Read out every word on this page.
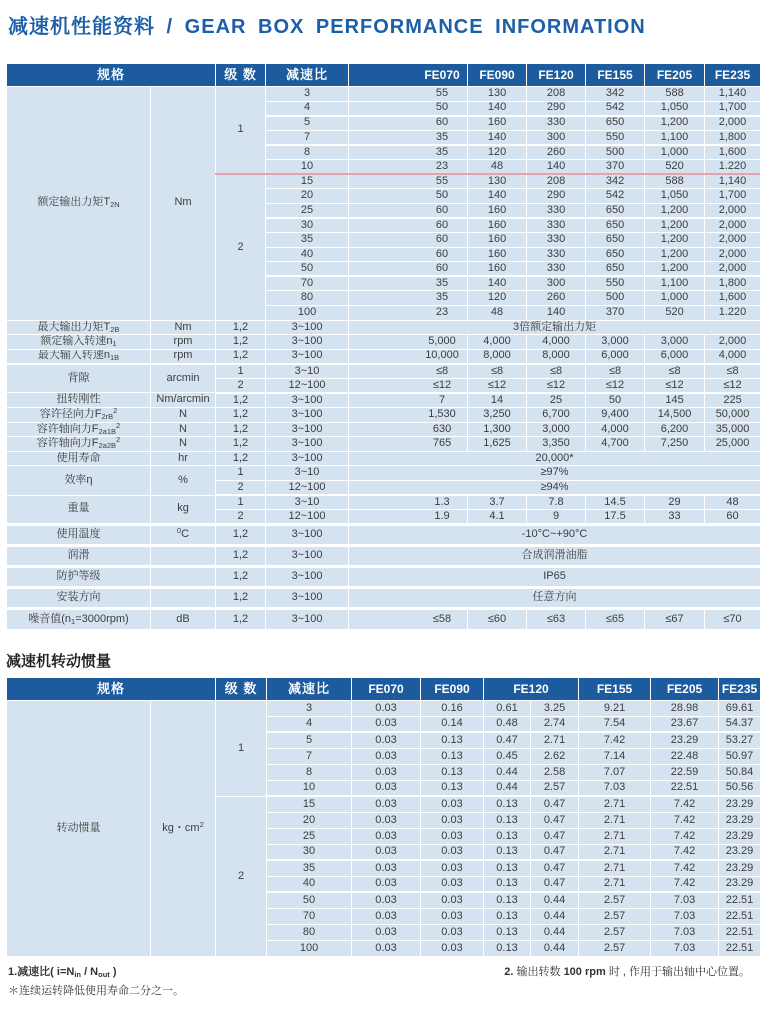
减速机性能资料 / GEAR BOX PERFORMANCE INFORMATION
规格		级 数	减速比	FE070	FE090	FE120	FE155	FE205	FE235
额定输出力矩$T_{2N}$	Nm	1	3	55	130	208	342	588	1,140
			4	50	140	290	542	1,050	1,700
			5	60	160	330	650	1,200	2,000
			7	35	140	300	550	1,100	1,800
			8	35	120	260	500	1,000	1,600
			10	23	48	140	370	520	1.220
		2	15	55	130	208	342	588	1,140
			20	50	140	290	542	1,050	1,700
			25	60	160	330	650	1,200	2,000
			30	60	160	330	650	1,200	2,000
			35	60	160	330	650	1,200	2,000
			40	60	160	330	650	1,200	2,000
			50	60	160	330	650	1,200	2,000
			70	35	140	300	550	1,100	1,800
			80	35	120	260	500	1,000	1,600
			100	23	48	140	370	520	1.220
最大输出力矩$T_{2B}$	Nm	1,2	3~100	3倍额定输出力矩					
额定输入转速$n_1$	rpm	1,2	3~100	5,000	4,000	4,000	3,000	3,000	2,000
最大输入转速$n_{1B}$	rpm	1,2	3~100	10,000	8,000	8,000	6,000	6,000	4,000
背隙	arcmin	1	3~10	≤8	≤8	≤8	≤8	≤8	≤8
		2	12~100	≤12	≤12	≤12	≤12	≤12	≤12
扭转刚性	Nm/arcmin	1,2	3~100	7	14	25	50	145	225
容许径向力$F_{2rB}^2$	N	1,2	3~100	1,530	3,250	6,700	9,400	14,500	50,000
容许轴向力$F_{2a1B}^2$	N	1,2	3~100	630	1,300	3,000	4,000	6,200	35,000
容许轴向力$F_{2a2B}^2$	N	1,2	3~100	765	1,625	3,350	4,700	7,250	25,000
使用寿命	hr	1,2	3~100	20,000*					
效率η	%	1	3~10	≥97%					
		2	12~100	≥94%					
重量	kg	1	3~10	1.3	3.7	7.8	14.5	29	48
		2	12~100	1.9	4.1	9	17.5	33	60
使用温度	$^0$C	1,2	3~100	-10°C~+90°C					
润滑		1,2	3~100	合成润滑油脂					
防护等级		1,2	3~100	IP65					
安装方向		1,2	3~100	任意方向					
噪音值$(n_1=3000rpm)$	dB	1,2	3~100	≤58	≤60	≤63	≤65	≤67	≤70
减速机转动惯量
规格		级 数	减速比	FE070	FE090	FE120		FE155	FE205	FE235
转动惯量	kg・$cm^2$	1	3	0.03	0.16	0.61	3.25	9.21	28.98	69.61
			4	0.03	0.14	0.48	2.74	7.54	23.67	54.37
			5	0.03	0.13	0.47	2.71	7.42	23.29	53.27
			7	0.03	0.13	0.45	2.62	7.14	22.48	50.97
			8	0.03	0.13	0.44	2.58	7.07	22.59	50.84
			10	0.03	0.13	0.44	2.57	7.03	22.51	50.56
		2	15	0.03	0.03	0.13	0.47	2.71	7.42	23.29
			20	0.03	0.03	0.13	0.47	2.71	7.42	23.29
			25	0.03	0.03	0.13	0.47	2.71	7.42	23.29
			30	0.03	0.03	0.13	0.47	2.71	7.42	23.29
			35	0.03	0.03	0.13	0.47	2.71	7.42	23.29
			40	0.03	0.03	0.13	0.47	2.71	7.42	23.29
			50	0.03	0.03	0.13	0.44	2.57	7.03	22.51
			70	0.03	0.03	0.13	0.44	2.57	7.03	22.51
			80	0.03	0.03	0.13	0.44	2.57	7.03	22.51
			100	0.03	0.03	0.13	0.44	2.57	7.03	22.51
1.减速比( $i=N_{in} / N_{out}$ )
＊连续运转降低使用寿命二分之一。
2. 输出转数 100 rpm 时 , 作用于输出轴中心位置。
